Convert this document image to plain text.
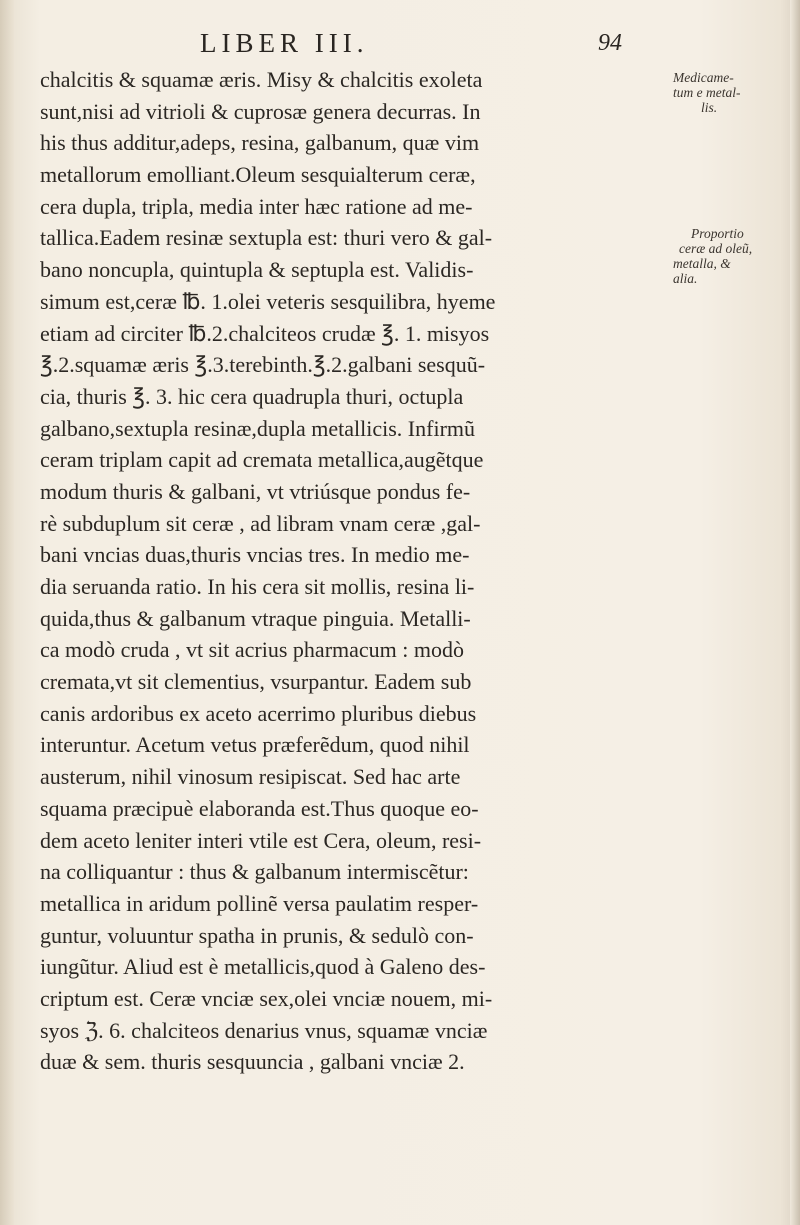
LIBER III.	94
chalcitis & squamæ æris. Misy & chalcitis exoleta
sunt,nisi ad vitrioli & cuprosæ genera decurras. In
his thus additur,adeps, resina, galbanum, quæ vim
metallorum emolliant.Oleum sesquialterum ceræ,
cera dupla, tripla, media inter hæc ratione ad me-
tallica.Eadem resinæ sextupla est: thuri vero & gal-
bano noncupla, quintupla & septupla est. Validis-
simum est,ceræ ℔. 1.olei veteris sesquilibra, hyeme
etiam ad circiter ℔.2.chalciteos crudæ ℥. 1. misyos
℥.2.squamæ æris ℥.3.terebinth.℥.2.galbani sesquũ-
cia, thuris ℥. 3. hic cera quadrupla thuri, octupla
galbano,sextupla resinæ,dupla metallicis. Infirmũ
ceram triplam capit ad cremata metallica,augẽtque
modum thuris & galbani, vt vtriúsque pondus fe-
rè subduplum sit ceræ , ad libram vnam ceræ ,gal-
bani vncias duas,thuris vncias tres. In medio me-
dia seruanda ratio. In his cera sit mollis, resina li-
quida,thus & galbanum vtraque pinguia. Metalli-
ca modò cruda , vt sit acrius pharmacum : modò
cremata,vt sit clementius, vsurpantur. Eadem sub
canis ardoribus ex aceto acerrimo pluribus diebus
interuntur. Acetum vetus præferẽdum, quod nihil
austerum, nihil vinosum resipiscat. Sed hac arte
squama præcipuè elaboranda est.Thus quoque eo-
dem aceto leniter interi vtile est Cera, oleum, resi-
na colliquantur : thus & galbanum intermiscẽtur:
metallica in aridum pollinẽ versa paulatim resper-
guntur, voluuntur spatha in prunis, & sedulò con-
iungũtur. Aliud est è metallicis,quod à Galeno des-
criptum est. Ceræ vnciæ sex,olei vnciæ nouem, mi-
syos ℨ. 6. chalciteos denarius vnus, squamæ vnciæ
duæ & sem. thuris sesquuncia , galbani vnciæ 2.
Medicame-
tum e metal-
lis.
Proportio
ceræ ad oleũ,
metalla, &
alia.
